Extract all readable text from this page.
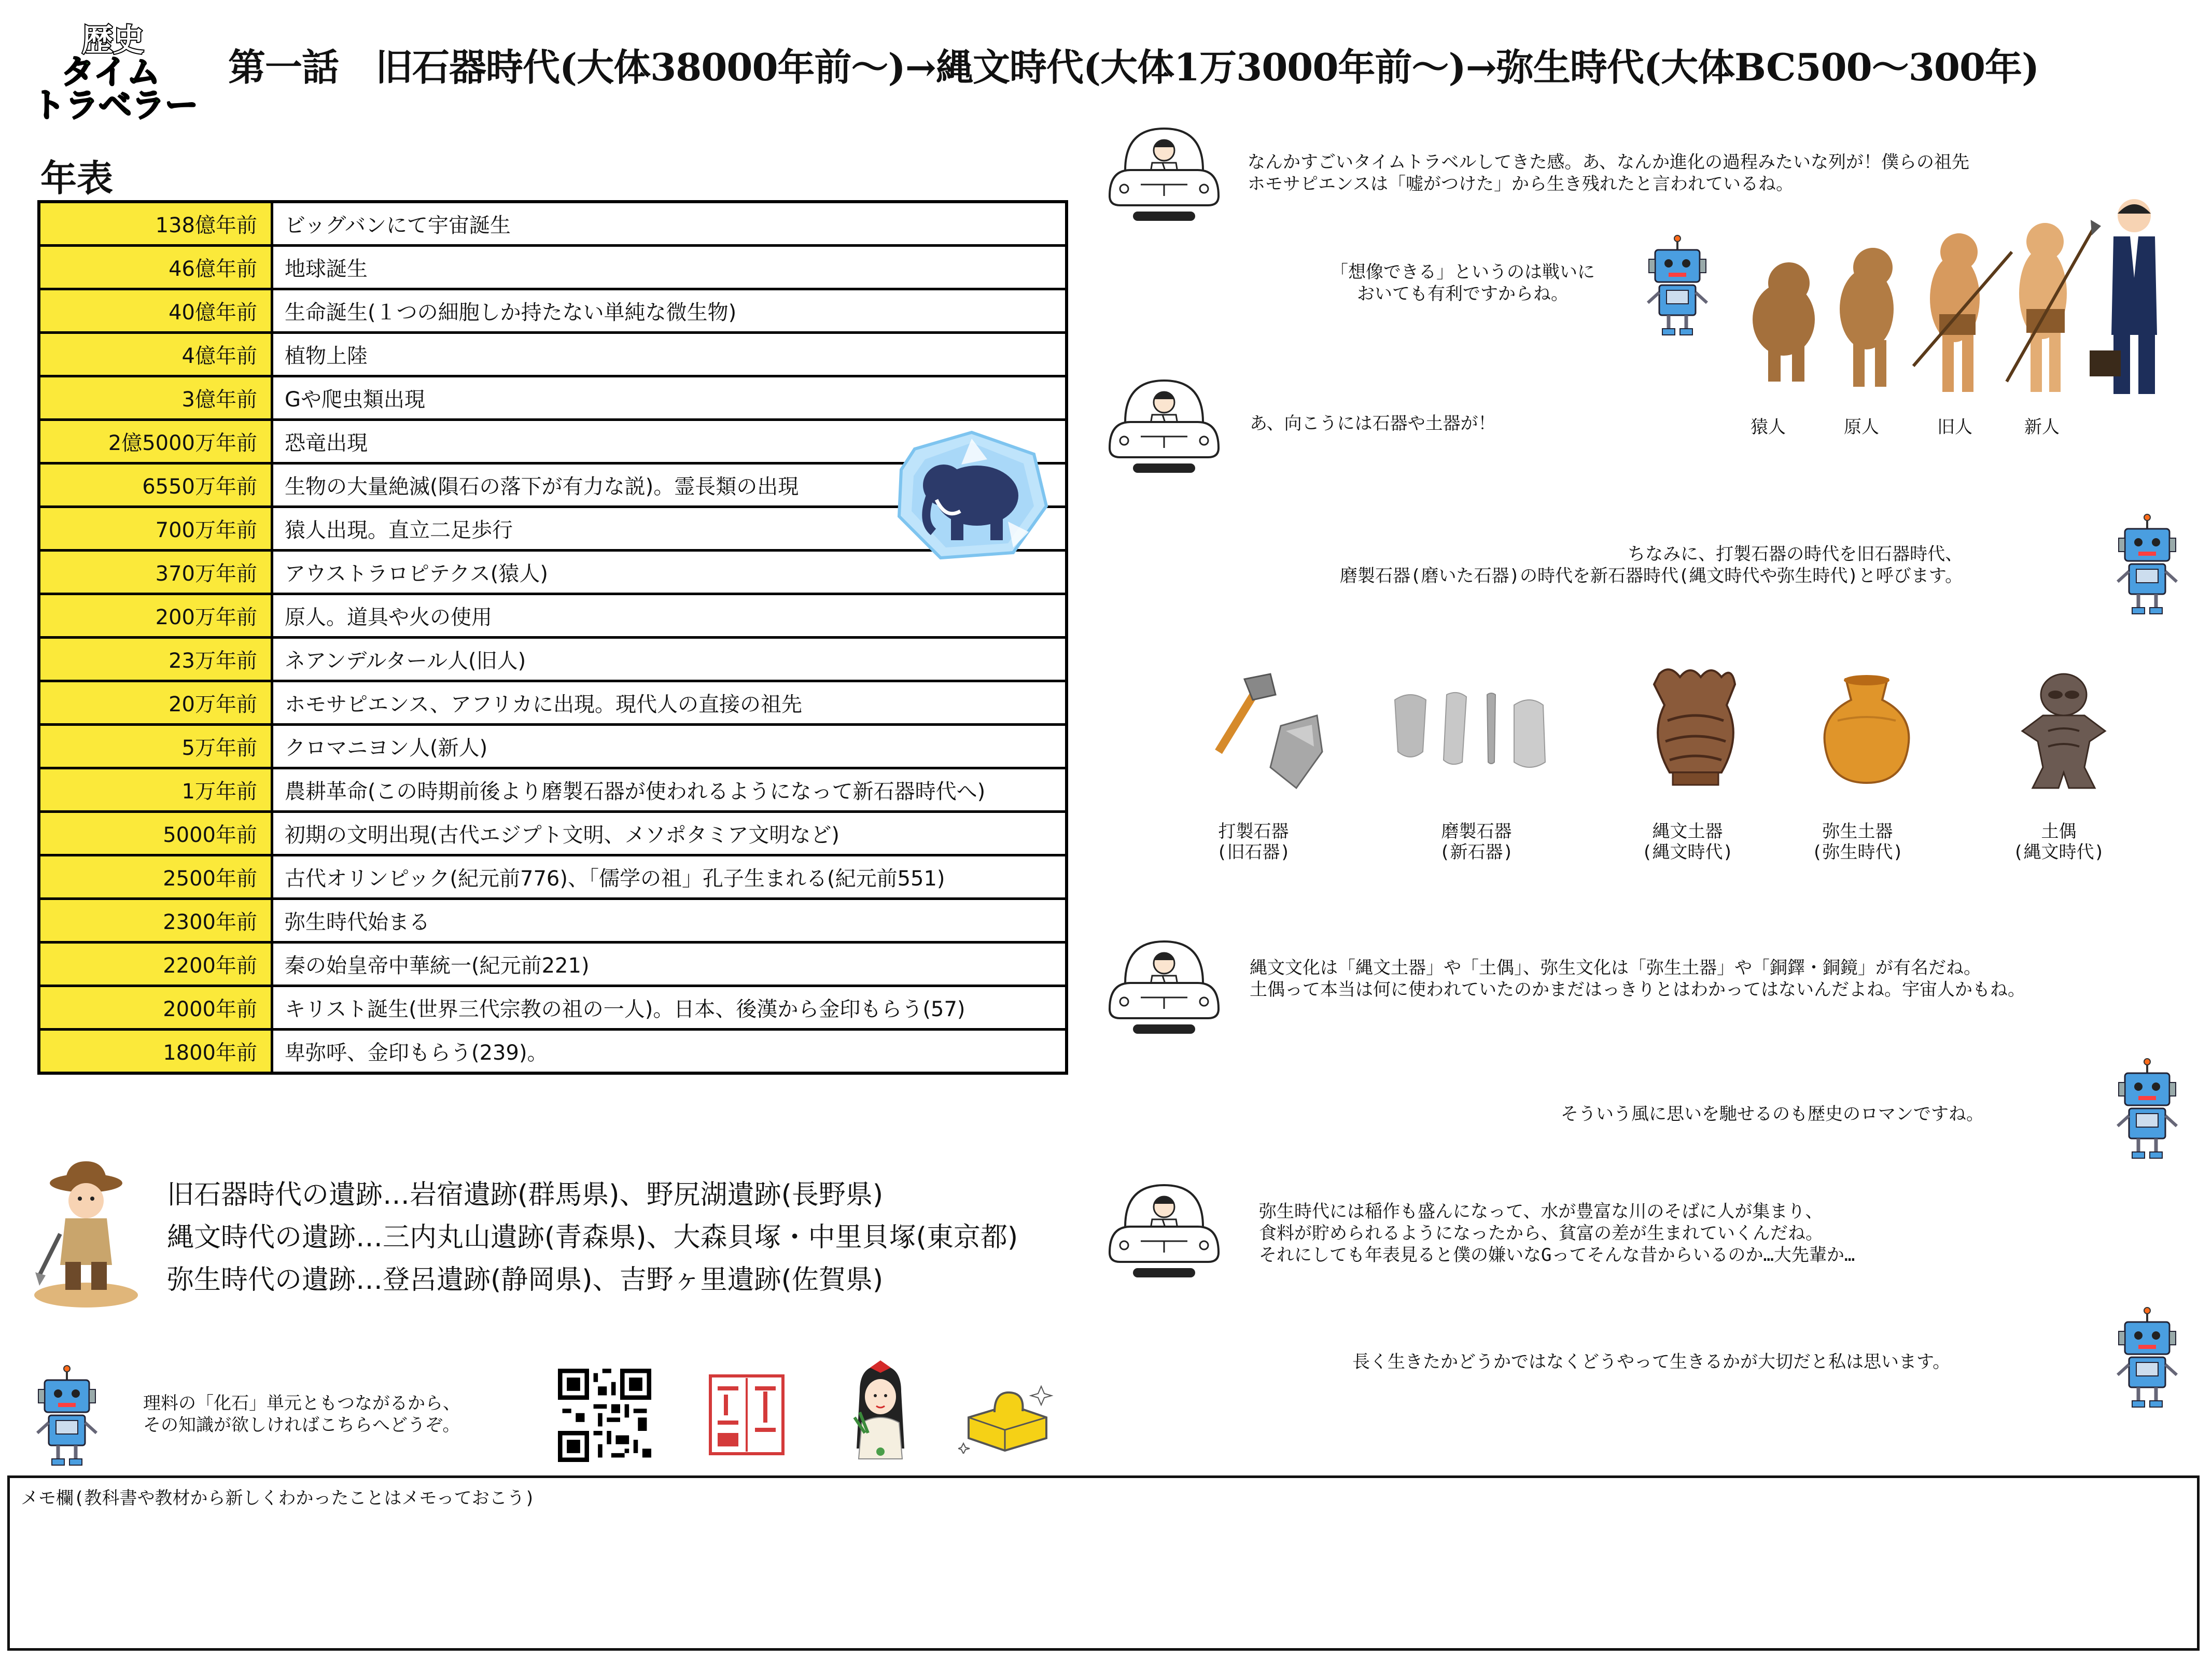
歴史
タイム
トラベラー
第一話　旧石器時代(大体38000年前～)→縄文時代(大体1万3000年前～)→弥生時代(大体BC500～300年)
年表
138億年前	ビッグバンにて宇宙誕生
46億年前	地球誕生
40億年前	生命誕生(１つの細胞しか持たない単純な微生物)
4億年前	植物上陸
3億年前	Gや爬虫類出現
2億5000万年前	恐竜出現
6550万年前	生物の大量絶滅(隕石の落下が有力な説)。霊長類の出現
700万年前	猿人出現。直立二足歩行
370万年前	アウストラロピテクス(猿人)
200万年前	原人。道具や火の使用
23万年前	ネアンデルタール人(旧人)
20万年前	ホモサピエンス、アフリカに出現。現代人の直接の祖先
5万年前	クロマニヨン人(新人)
1万年前	農耕革命(この時期前後より磨製石器が使われるようになって新石器時代へ)
5000年前	初期の文明出現(古代エジプト文明、メソポタミア文明など)
2500年前	古代オリンピック(紀元前776)、「儒学の祖」孔子生まれる(紀元前551)
2300年前	弥生時代始まる
2200年前	秦の始皇帝中華統一(紀元前221)
2000年前	キリスト誕生(世界三代宗教の祖の一人)。日本、後漢から金印もらう(57)
1800年前	卑弥呼、金印もらう(239)。
旧石器時代の遺跡…岩宿遺跡(群馬県)、野尻湖遺跡(長野県)
縄文時代の遺跡…三内丸山遺跡(青森県)、大森貝塚・中里貝塚(東京都)
弥生時代の遺跡…登呂遺跡(静岡県)、吉野ヶ里遺跡(佐賀県)
理料の「化石」単元ともつながるから、
その知識が欲しければこちらへどうぞ。
メモ欄(教科書や教材から新しくわかったことはメモっておこう)
なんかすごいタイムトラベルしてきた感。あ、なんか進化の過程みたいな列が！僕らの祖先
ホモサピエンスは「嘘がつけた」から生き残れたと言われているね。
「想像できる」というのは戦いに
おいても有利ですからね。
猿人	原人	旧人	新人
あ、向こうには石器や土器が！
ちなみに、打製石器の時代を旧石器時代、
磨製石器(磨いた石器)の時代を新石器時代(縄文時代や弥生時代)と呼びます。
打製石器
(旧石器)
磨製石器
(新石器)
縄文土器
(縄文時代)
弥生土器
(弥生時代)
土偶
(縄文時代)
縄文文化は「縄文土器」や「土偶」、弥生文化は「弥生土器」や「銅鐸・銅鏡」が有名だね。
土偶って本当は何に使われていたのかまだはっきりとはわかってはないんだよね。宇宙人かもね。
そういう風に思いを馳せるのも歴史のロマンですね。
弥生時代には稲作も盛んになって、水が豊富な川のそばに人が集まり、
食料が貯められるようになったから、貧富の差が生まれていくんだね。
それにしても年表見ると僕の嫌いなGってそんな昔からいるのか…大先輩か…
長く生きたかどうかではなくどうやって生きるかが大切だと私は思います。
